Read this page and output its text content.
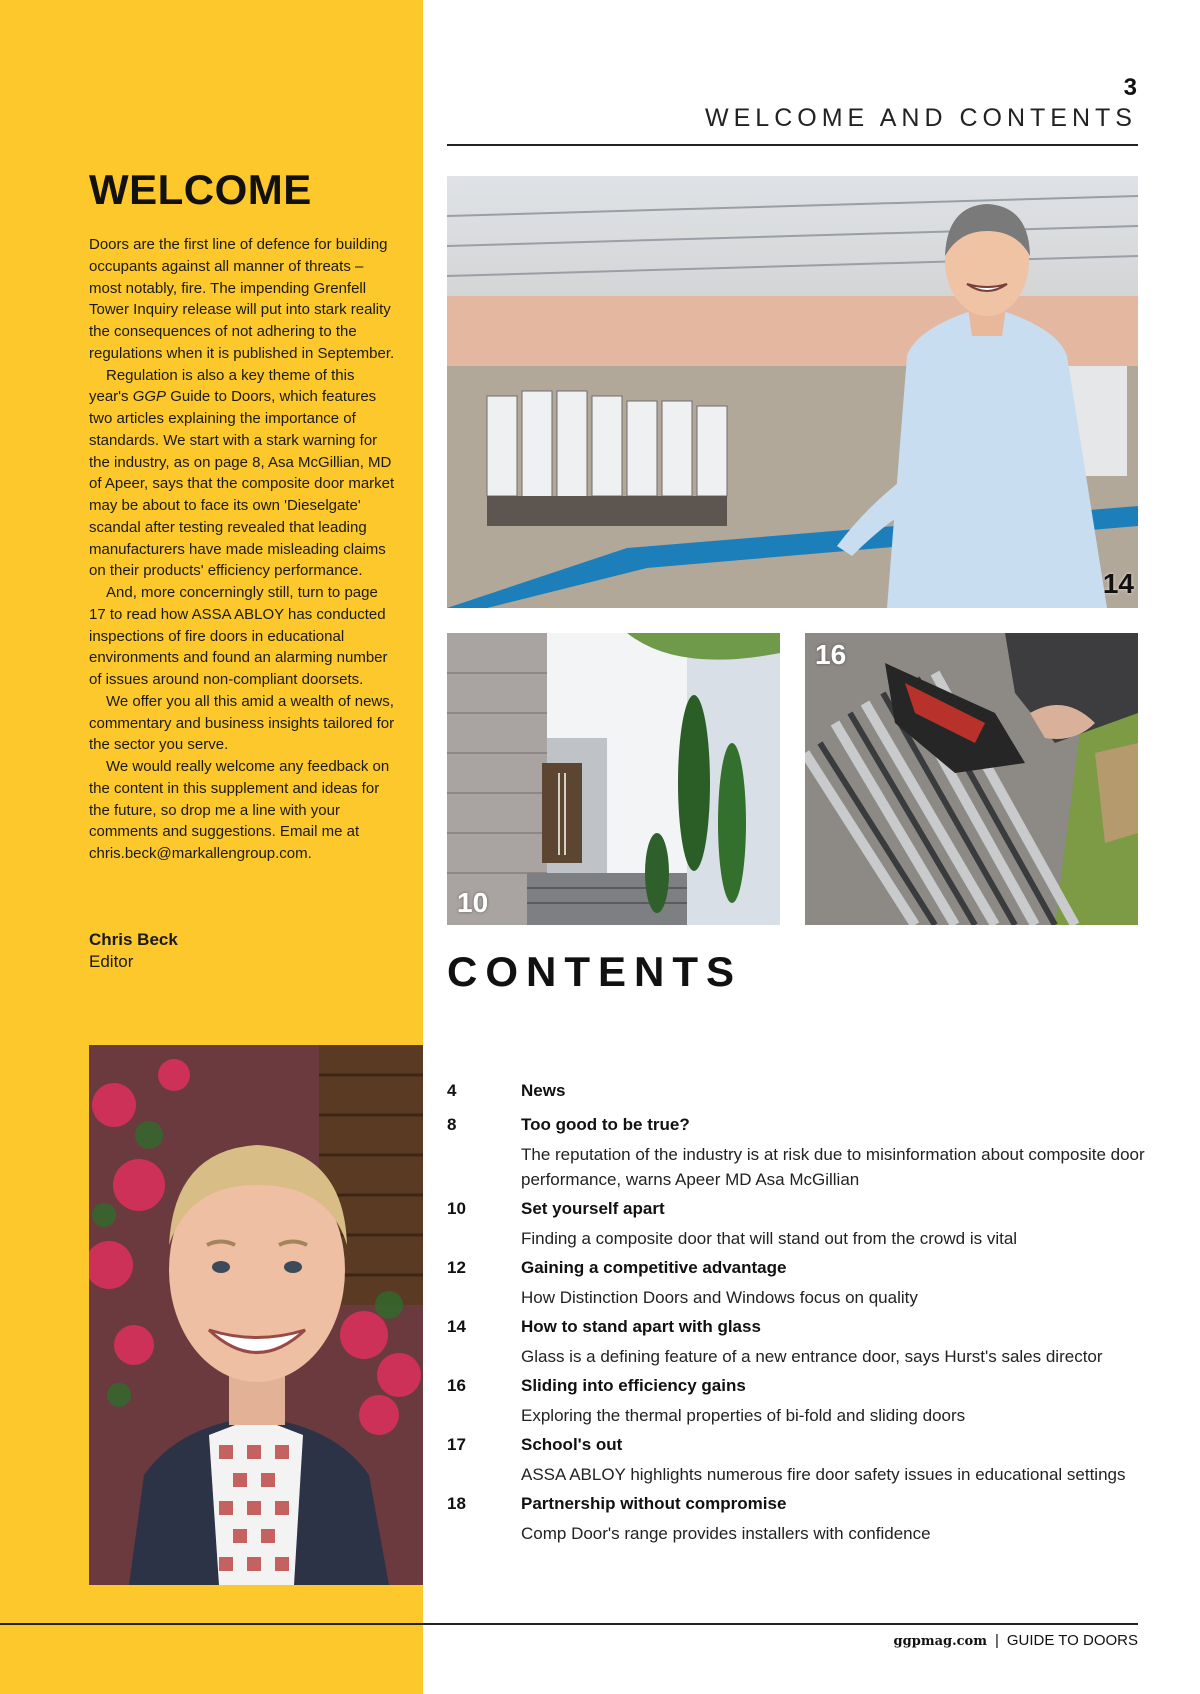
3
WELCOME AND CONTENTS
WELCOME

Doors are the first line of defence for building occupants against all manner of threats – most notably, fire. The impending Grenfell Tower Inquiry release will put into stark reality the consequences of not adhering to the regulations when it is published in September.

Regulation is also a key theme of this year's GGP Guide to Doors, which features two articles explaining the importance of standards. We start with a stark warning for the industry, as on page 8, Asa McGillian, MD of Apeer, says that the composite door market may be about to face its own 'Dieselgate' scandal after testing revealed that leading manufacturers have made misleading claims on their products' efficiency performance.

And, more concerningly still, turn to page 17 to read how ASSA ABLOY has conducted inspections of fire doors in educational environments and found an alarming number of issues around non-compliant doorsets.

We offer you all this amid a wealth of news, commentary and business insights tailored for the sector you serve.

We would really welcome any feedback on the content in this supplement and ideas for the future, so drop me a line with your comments and suggestions. Email me at chris.beck@markallengroup.com.

Chris Beck
Editor
14
10
16
CONTENTS
4	News
8	Too good to be true?
The reputation of the industry is at risk due to misinformation about composite door performance, warns Apeer MD Asa McGillian
10	Set yourself apart
Finding a composite door that will stand out from the crowd is vital
12	Gaining a competitive advantage
How Distinction Doors and Windows focus on quality
14	How to stand apart with glass
Glass is a defining feature of a new entrance door, says Hurst's sales director
16	Sliding into efficiency gains
Exploring the thermal properties of bi-fold and sliding doors
17	School's out
ASSA ABLOY highlights numerous fire door safety issues in educational settings
18	Partnership without compromise
Comp Door's range provides installers with confidence
ggpmag.com | GUIDE TO DOORS
